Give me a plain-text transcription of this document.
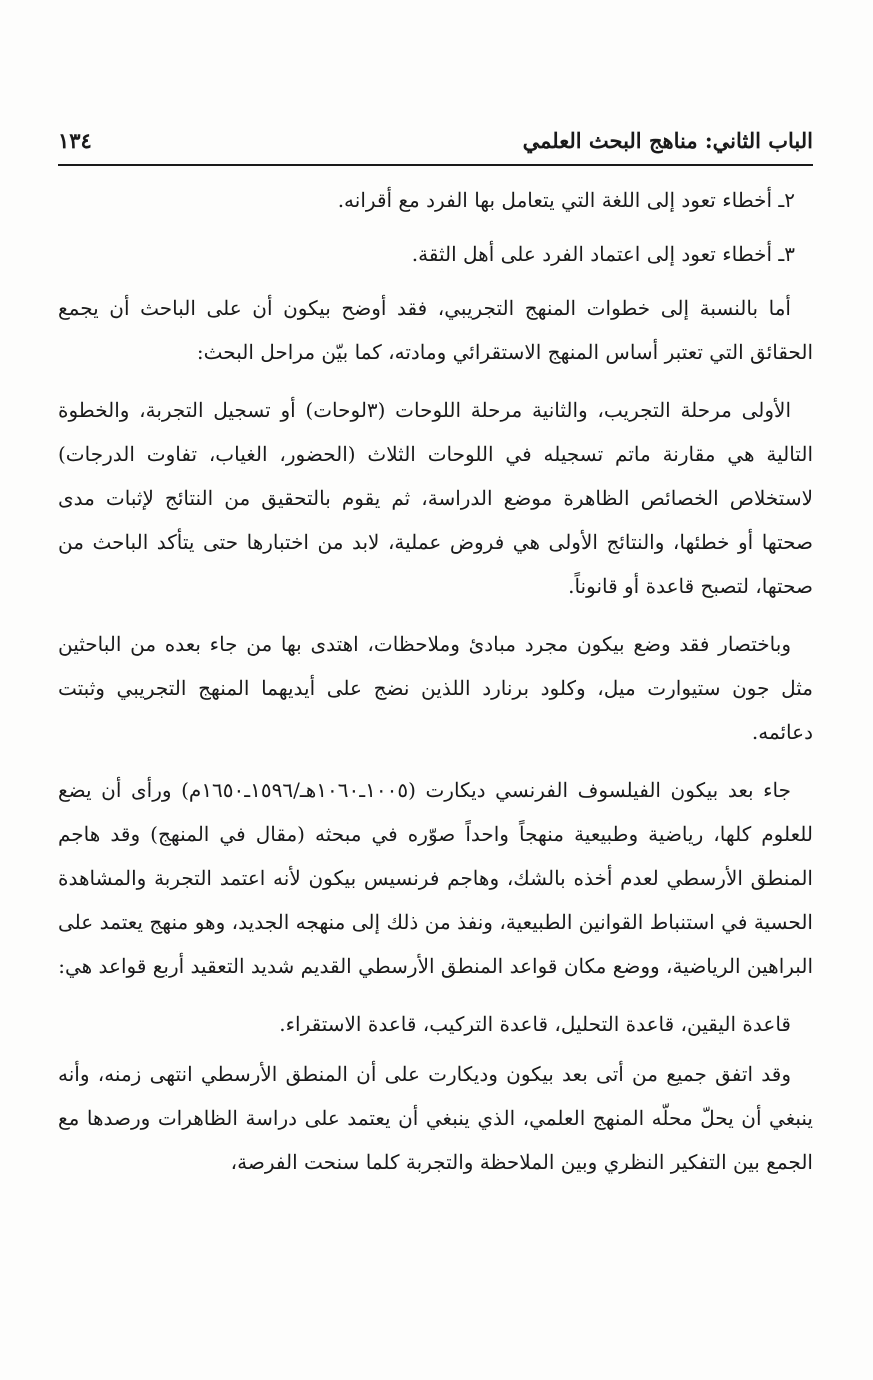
الباب الثاني: مناهج البحث العلمي
١٣٤

٢ـ أخطاء تعود إلى اللغة التي يتعامل بها الفرد مع أقرانه.

٣ـ أخطاء تعود إلى اعتماد الفرد على أهل الثقة.

أما بالنسبة إلى خطوات المنهج التجريبي، فقد أوضح بيكون أن على الباحث أن يجمع الحقائق التي تعتبر أساس المنهج الاستقرائي ومادته، كما بيّن مراحل البحث:

الأولى مرحلة التجريب، والثانية مرحلة اللوحات (٣لوحات) أو تسجيل التجربة، والخطوة التالية هي مقارنة ماتم تسجيله في اللوحات الثلاث (الحضور، الغياب، تفاوت الدرجات) لاستخلاص الخصائص الظاهرة موضع الدراسة، ثم يقوم بالتحقيق من النتائج لإثبات مدى صحتها أو خطئها، والنتائج الأولى هي فروض عملية، لابد من اختبارها حتى يتأكد الباحث من صحتها، لتصبح قاعدة أو قانوناً.

وباختصار فقد وضع بيكون مجرد مبادئ وملاحظات، اهتدى بها من جاء بعده من الباحثين مثل جون ستيوارت ميل، وكلود برنارد اللذين نضج على أيديهما المنهج التجريبي وثبتت دعائمه.

جاء بعد بيكون الفيلسوف الفرنسي ديكارت (١٠٠٥ـ١٠٦٠هـ/١٥٩٦ـ١٦٥٠م) ورأى أن يضع للعلوم كلها، رياضية وطبيعية منهجاً واحداً صوّره في مبحثه (مقال في المنهج) وقد هاجم المنطق الأرسطي لعدم أخذه بالشك، وهاجم فرنسيس بيكون لأنه اعتمد التجربة والمشاهدة الحسية في استنباط القوانين الطبيعية، ونفذ من ذلك إلى منهجه الجديد، وهو منهج يعتمد على البراهين الرياضية، ووضع مكان قواعد المنطق الأرسطي القديم شديد التعقيد أربع قواعد هي:

قاعدة اليقين، قاعدة التحليل، قاعدة التركيب، قاعدة الاستقراء.

وقد اتفق جميع من أتى بعد بيكون وديكارت على أن المنطق الأرسطي انتهى زمنه، وأنه ينبغي أن يحلّ محلّه المنهج العلمي، الذي ينبغي أن يعتمد على دراسة الظاهرات ورصدها مع الجمع بين التفكير النظري وبين الملاحظة والتجربة كلما سنحت الفرصة،
